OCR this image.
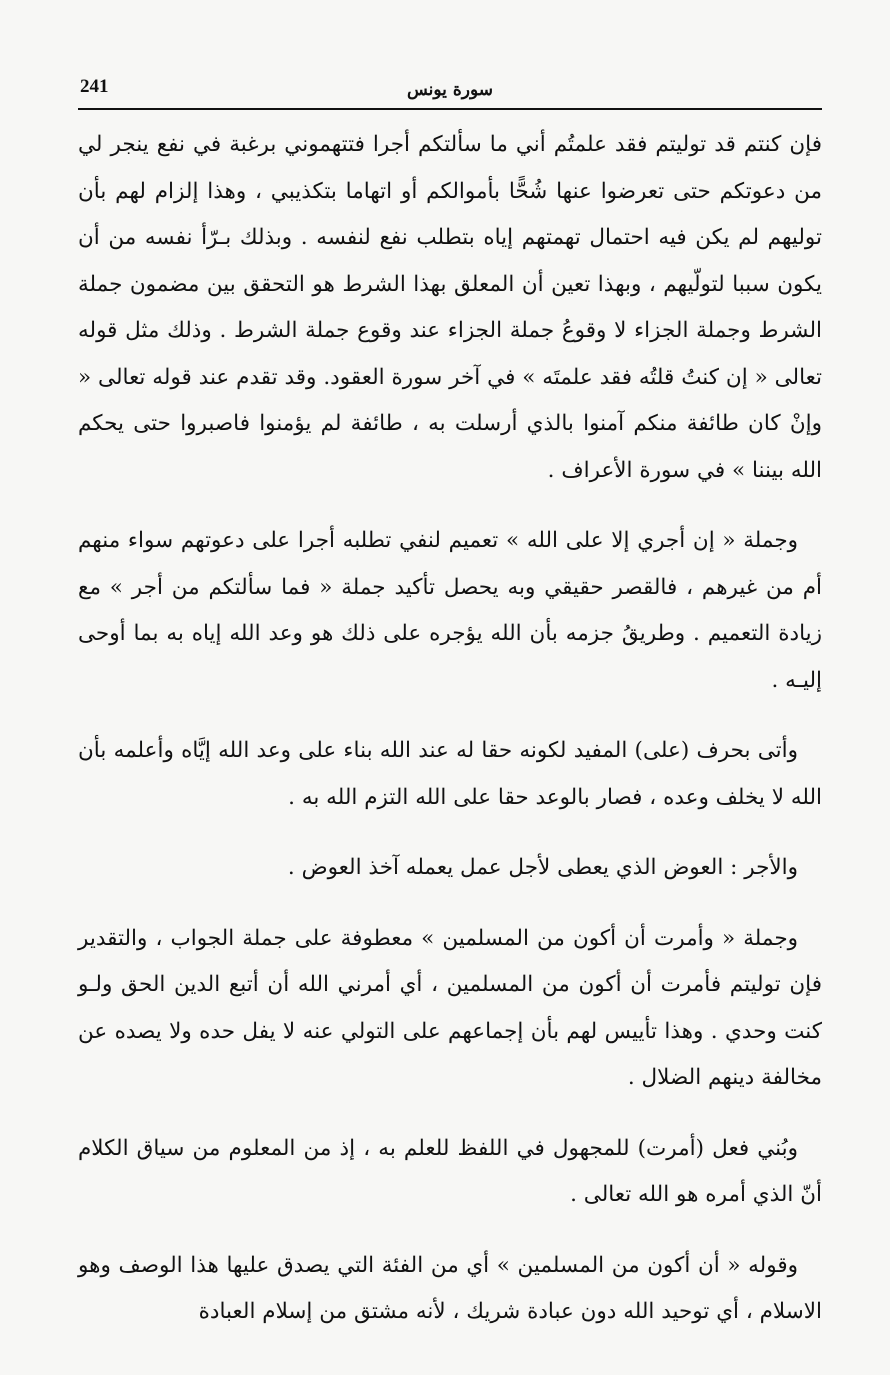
241	سورة يونس

فإن كنتم قد توليتم فقد علمتُم أني ما سألتكم أجرا فتتهموني برغبة في نفع ينجر لي من دعوتكم حتى تعرضوا عنها شُحًّا بأموالكم أو اتهاما بتكذيبي ، وهذا إلزام لهم بأن توليهم لم يكن فيه احتمال تهمتهم إياه بتطلب نفع لنفسه . وبذلك بـرّأ نفسه من أن يكون سببا لتولّيهم ، وبهذا تعين أن المعلق بهذا الشرط هو التحقق بين مضمون جملة الشرط وجملة الجزاء لا وقوعُ جملة الجزاء عند وقوع جملة الشرط . وذلك مثل قوله تعالى « إن كنتُ قلتُه فقد علمتَه » في آخر سورة العقود. وقد تقدم عند قوله تعالى « وإنْ كان طائفة منكم آمنوا بالذي أرسلت به ، طائفة لم يؤمنوا فاصبروا حتى يحكم الله بيننا » في سورة الأعراف .

وجملة « إن أجري إلا على الله » تعميم لنفي تطلبه أجرا على دعوتهم سواء منهم أم من غيرهم ، فالقصر حقيقي وبه يحصل تأكيد جملة « فما سألتكم من أجر » مع زيادة التعميم . وطريقُ جزمه بأن الله يؤجره على ذلك هو وعد الله إياه به بما أوحى إليـه .

وأتى بحرف (على) المفيد لكونه حقا له عند الله بناء على وعد الله إيَّاه وأعلمه بأن الله لا يخلف وعده ، فصار بالوعد حقا على الله التزم الله به .

والأجر : العوض الذي يعطى لأجل عمل يعمله آخذ العوض .

وجملة « وأمرت أن أكون من المسلمين » معطوفة على جملة الجواب ، والتقدير فإن توليتم فأمرت أن أكون من المسلمين ، أي أمرني الله أن أتبع الدين الحق ولـو كنت وحدي . وهذا تأييس لهم بأن إجماعهم على التولي عنه لا يفل حده ولا يصده عن مخالفة دينهم الضلال .

وبُني فعل (أمرت) للمجهول في اللفظ للعلم به ، إذ من المعلوم من سياق الكلام أنّ الذي أمره هو الله تعالى .

وقوله « أن أكون من المسلمين » أي من الفئة التي يصدق عليها هذا الوصف وهو الاسلام ، أي توحيد الله دون عبادة شريك ، لأنه مشتق من إسلام العبادة
